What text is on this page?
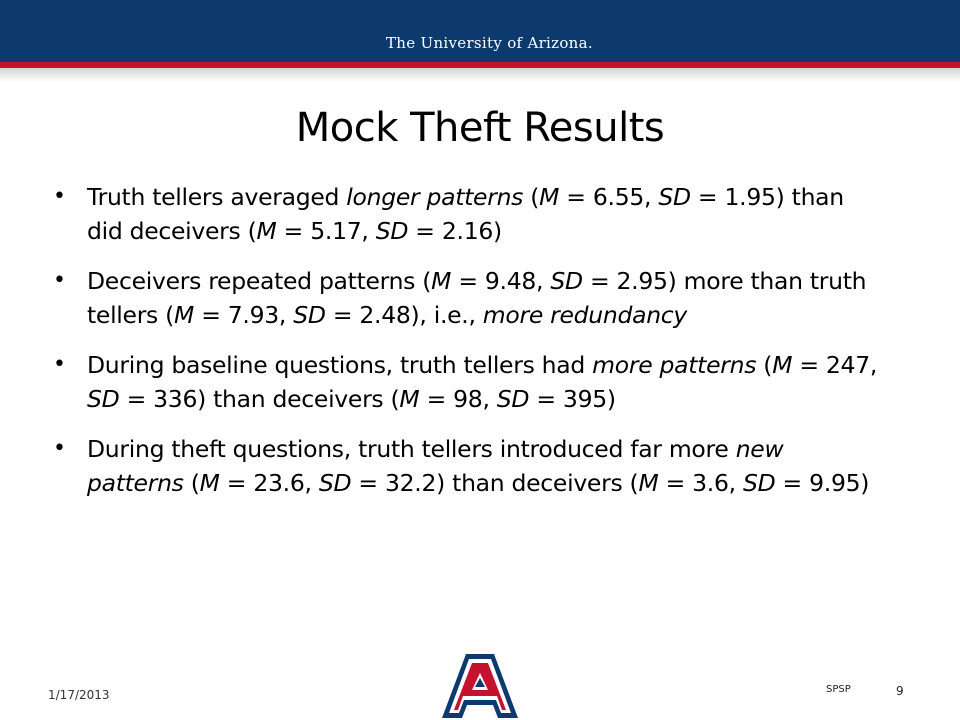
The University of Arizona.
Mock Theft Results
• Truth tellers averaged longer patterns (M = 6.55, SD = 1.95) than did deceivers (M = 5.17, SD = 2.16)
• Deceivers repeated patterns (M = 9.48, SD = 2.95) more than truth tellers (M = 7.93, SD = 2.48), i.e., more redundancy
• During baseline questions, truth tellers had more patterns (M = 247, SD = 336) than deceivers (M = 98, SD = 395)
• During theft questions, truth tellers introduced far more new patterns (M = 23.6, SD = 32.2) than deceivers (M = 3.6, SD = 9.95)
1/17/2013	SPSP	9
